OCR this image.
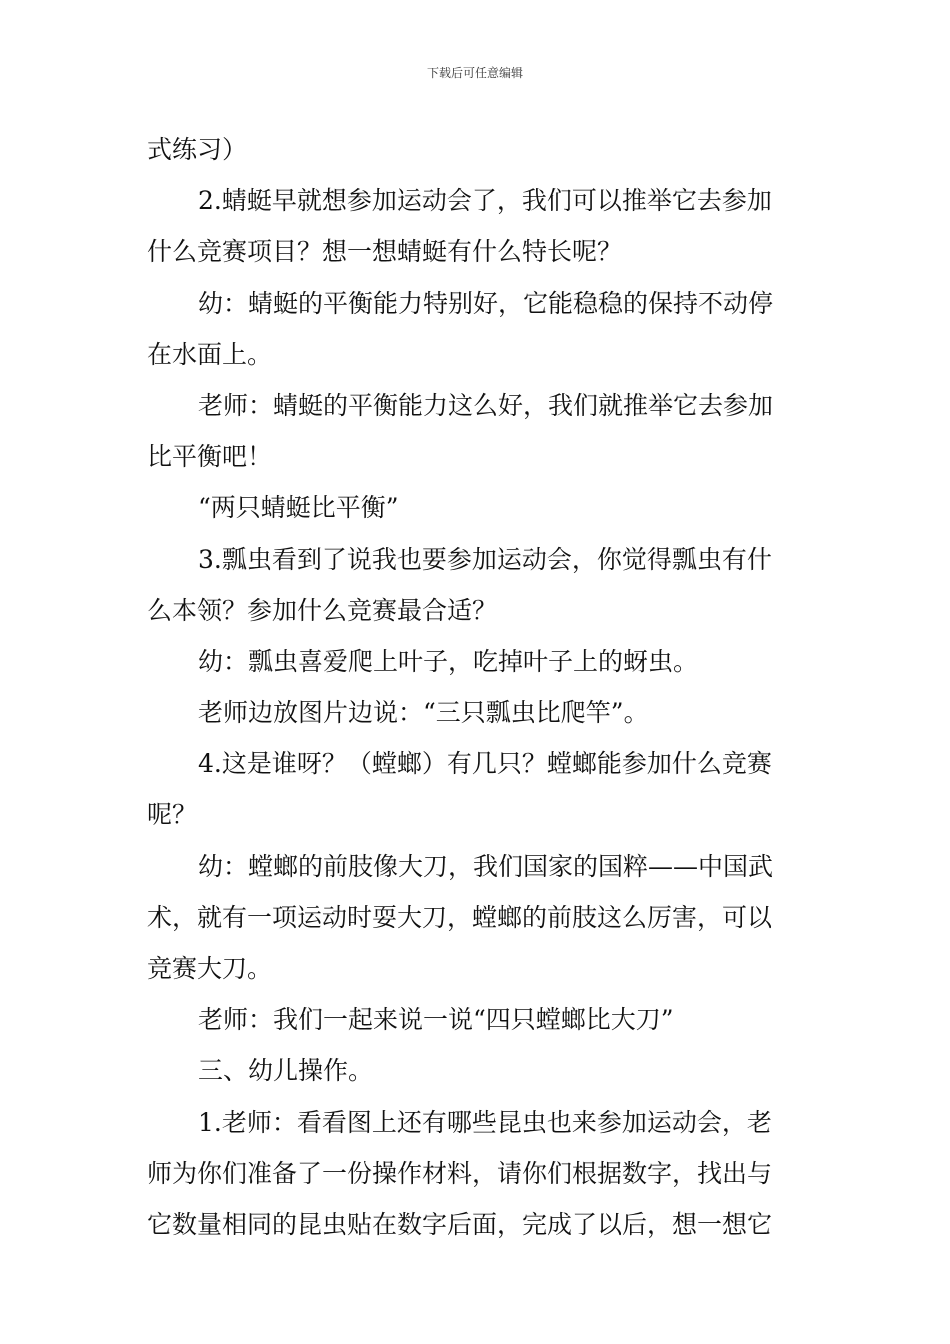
下载后可任意编辑
式练习）
2.蜻蜓早就想参加运动会了，我们可以推举它去参加
什么竞赛项目？想一想蜻蜓有什么特长呢？
幼：蜻蜓的平衡能力特别好，它能稳稳的保持不动停
在水面上。
老师：蜻蜓的平衡能力这么好，我们就推举它去参加
比平衡吧！
“两只蜻蜓比平衡”
3.瓢虫看到了说我也要参加运动会，你觉得瓢虫有什
么本领？参加什么竞赛最合适？
幼：瓢虫喜爱爬上叶子，吃掉叶子上的蚜虫。
老师边放图片边说：“三只瓢虫比爬竿”。
4.这是谁呀？（螳螂）有几只？螳螂能参加什么竞赛
呢？
幼：螳螂的前肢像大刀，我们国家的国粹——中国武
术，就有一项运动时耍大刀，螳螂的前肢这么厉害，可以
竞赛大刀。
老师：我们一起来说一说“四只螳螂比大刀”
三、幼儿操作。
1.老师：看看图上还有哪些昆虫也来参加运动会，老
师为你们准备了一份操作材料，请你们根据数字，找出与
它数量相同的昆虫贴在数字后面，完成了以后，想一想它
